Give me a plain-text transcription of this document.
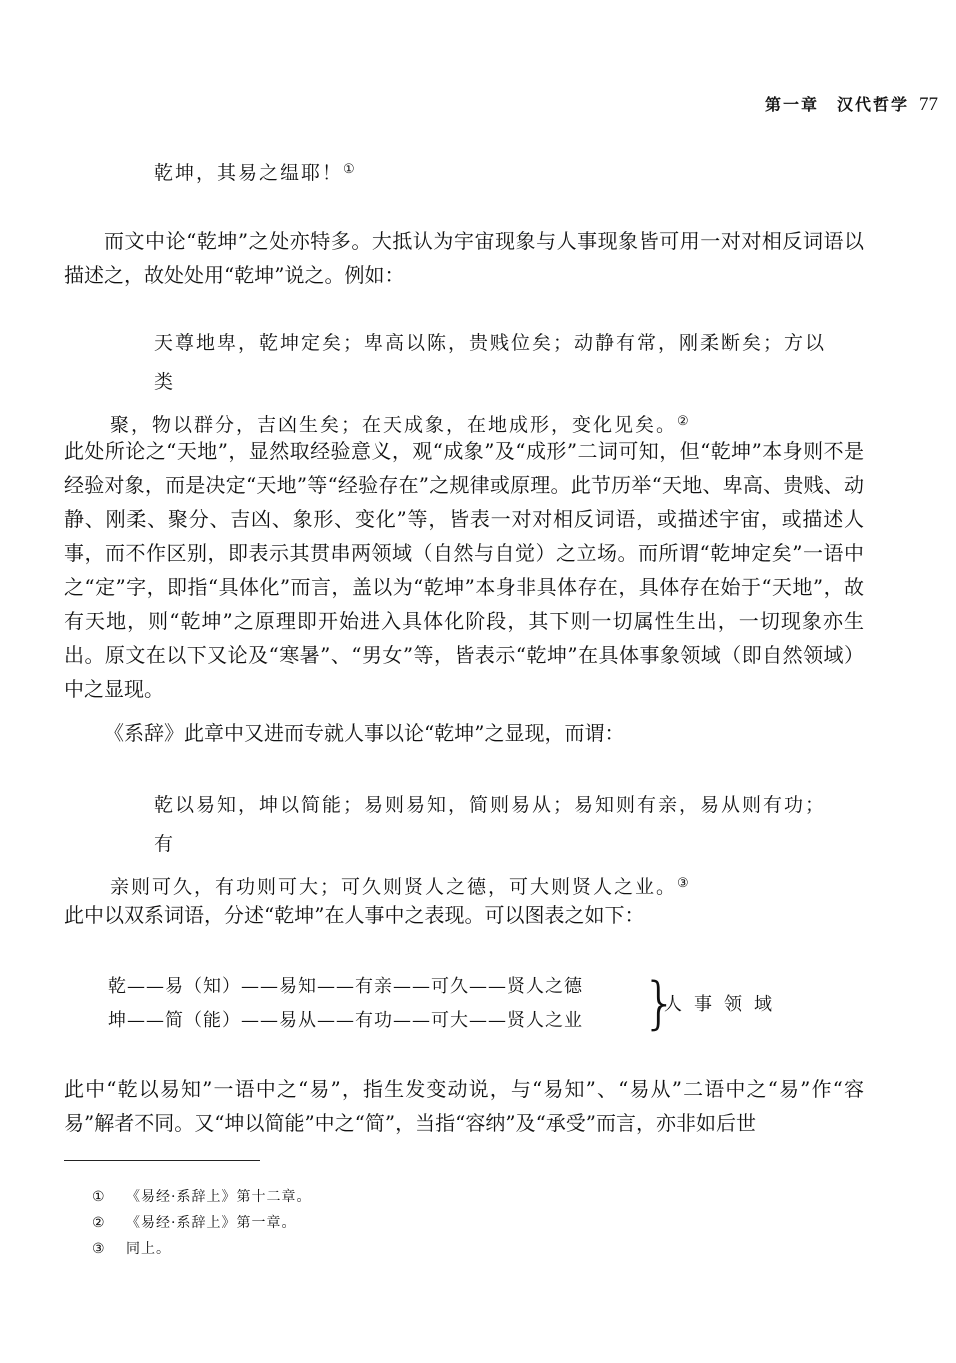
第一章　汉代哲学 77
乾坤，其易之缊耶！①

而文中论“乾坤”之处亦特多。大抵认为宇宙现象与人事现象皆可用一对对相反词语以描述之，故处处用“乾坤”说之。例如：

天尊地卑，乾坤定矣；卑高以陈，贵贱位矣；动静有常，刚柔断矣；方以类
聚，物以群分，吉凶生矣；在天成象，在地成形，变化见矣。②

此处所论之“天地”，显然取经验意义，观“成象”及“成形”二词可知，但“乾坤”本身则不是经验对象，而是决定“天地”等“经验存在”之规律或原理。此节历举“天地、卑高、贵贱、动静、刚柔、聚分、吉凶、象形、变化”等，皆表一对对相反词语，或描述宇宙，或描述人事，而不作区别，即表示其贯串两领域（自然与自觉）之立场。而所谓“乾坤定矣”一语中之“定”字，即指“具体化”而言，盖以为“乾坤”本身非具体存在，具体存在始于“天地”，故有天地，则“乾坤”之原理即开始进入具体化阶段，其下则一切属性生出，一切现象亦生出。原文在以下又论及“寒暑”、“男女”等，皆表示“乾坤”在具体事象领域（即自然领域）中之显现。

《系辞》此章中又进而专就人事以论“乾坤”之显现，而谓：

乾以易知，坤以简能；易则易知，简则易从；易知则有亲，易从则有功；有
亲则可久，有功则可大；可久则贤人之德，可大则贤人之业。③

此中以双系词语，分述“乾坤”在人事中之表现。可以图表之如下：

乾——易（知）——易知——有亲——可久——贤人之德
坤——简（能）——易从——有功——可大——贤人之业 }
人事领域

此中“乾以易知”一语中之“易”，指生发变动说，与“易知”、“易从”二语中之“易”作“容易”解者不同。又“坤以简能”中之“简”，当指“容纳”及“承受”而言，亦非如后世

① 《易经·系辞上》第十二章。
② 《易经·系辞上》第一章。
③ 同上。
